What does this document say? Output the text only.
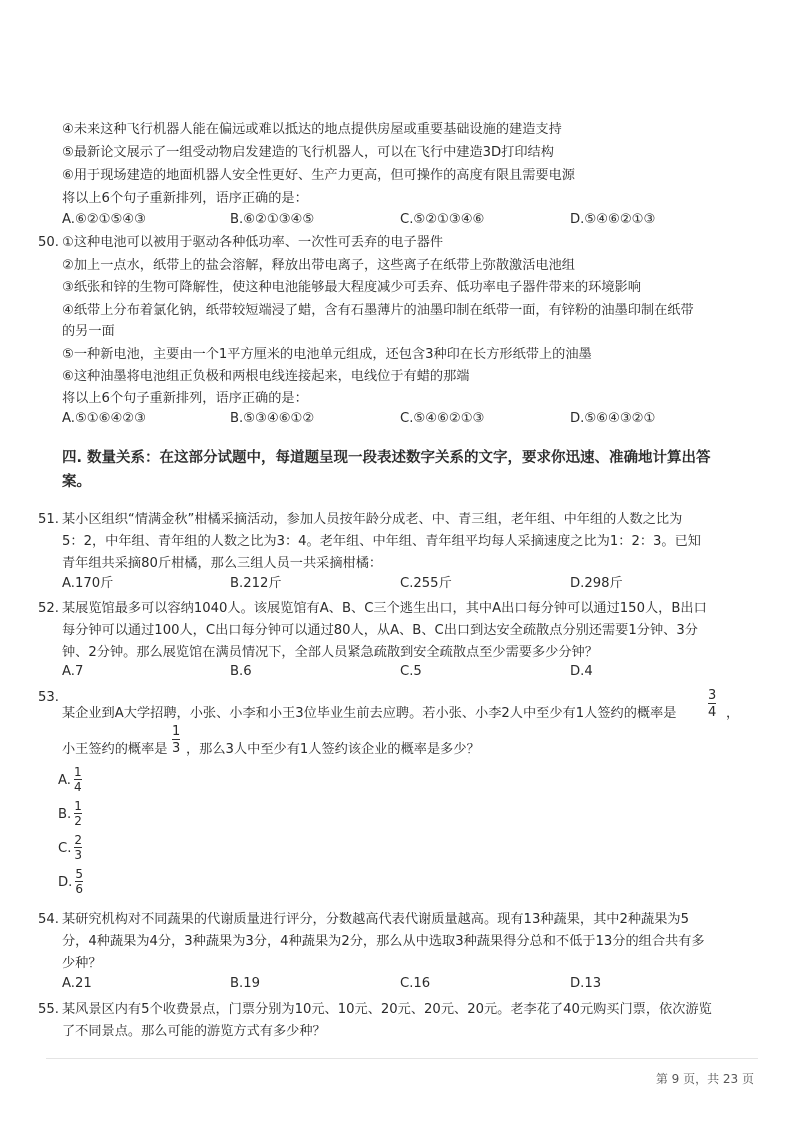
④未来这种飞行机器人能在偏远或难以抵达的地点提供房屋或重要基础设施的建造支持
⑤最新论文展示了一组受动物启发建造的飞行机器人，可以在飞行中建造3D打印结构
⑥用于现场建造的地面机器人安全性更好、生产力更高，但可操作的高度有限且需要电源
将以上6个句子重新排列，语序正确的是：
A.⑥②①⑤④③	B.⑥②①③④⑤	C.⑤②①③④⑥	D.⑤④⑥②①③
50. ①这种电池可以被用于驱动各种低功率、一次性可丢弃的电子器件
②加上一点水，纸带上的盐会溶解，释放出带电离子，这些离子在纸带上弥散激活电池组
③纸张和锌的生物可降解性，使这种电池能够最大程度减少可丢弃、低功率电子器件带来的环境影响
④纸带上分布着氯化钠，纸带较短端浸了蜡，含有石墨薄片的油墨印制在纸带一面，有锌粉的油墨印制在纸带
的另一面
⑤一种新电池，主要由一个1平方厘米的电池单元组成，还包含3种印在长方形纸带上的油墨
⑥这种油墨将电池组正负极和两根电线连接起来，电线位于有蜡的那端
将以上6个句子重新排列，语序正确的是：
A.⑤①⑥④②③	B.⑤③④⑥①②	C.⑤④⑥②①③	D.⑤⑥④③②①
四. 数量关系：在这部分试题中，每道题呈现一段表述数字关系的文字，要求你迅速、准确地计算出答
案。
51. 某小区组织“情满金秋”柑橘采摘活动，参加人员按年龄分成老、中、青三组，老年组、中年组的人数之比为
5：2，中年组、青年组的人数之比为3：4。老年组、中年组、青年组平均每人采摘速度之比为1：2：3。已知
青年组共采摘80斤柑橘，那么三组人员一共采摘柑橘：
A.170斤	B.212斤	C.255斤	D.298斤
52. 某展览馆最多可以容纳1040人。该展览馆有A、B、C三个逃生出口，其中A出口每分钟可以通过150人，B出口
每分钟可以通过100人，C出口每分钟可以通过80人，从A、B、C出口到达安全疏散点分别还需要1分钟、3分
钟、2分钟。那么展览馆在满员情况下，全部人员紧急疏散到安全疏散点至少需要多少分钟？
A.7	B.6	C.5	D.4
53.
某企业到A大学招聘，小张、小李和小王3位毕业生前去应聘。若小张、小李2人中至少有1人签约的概率是 $\frac{3}{4}$ ，
小王签约的概率是 $\frac{1}{3}$ ，那么3人中至少有1人签约该企业的概率是多少？
A. $\frac{1}{4}$
B. $\frac{1}{2}$
C. $\frac{2}{3}$
D. $\frac{5}{6}$
54. 某研究机构对不同蔬果的代谢质量进行评分，分数越高代表代谢质量越高。现有13种蔬果，其中2种蔬果为5
分，4种蔬果为4分，3种蔬果为3分，4种蔬果为2分，那么从中选取3种蔬果得分总和不低于13分的组合共有多
少种？
A.21	B.19	C.16	D.13
55. 某风景区内有5个收费景点，门票分别为10元、10元、20元、20元、20元。老李花了40元购买门票，依次游览
了不同景点。那么可能的游览方式有多少种？
第 9 页，共 23 页
